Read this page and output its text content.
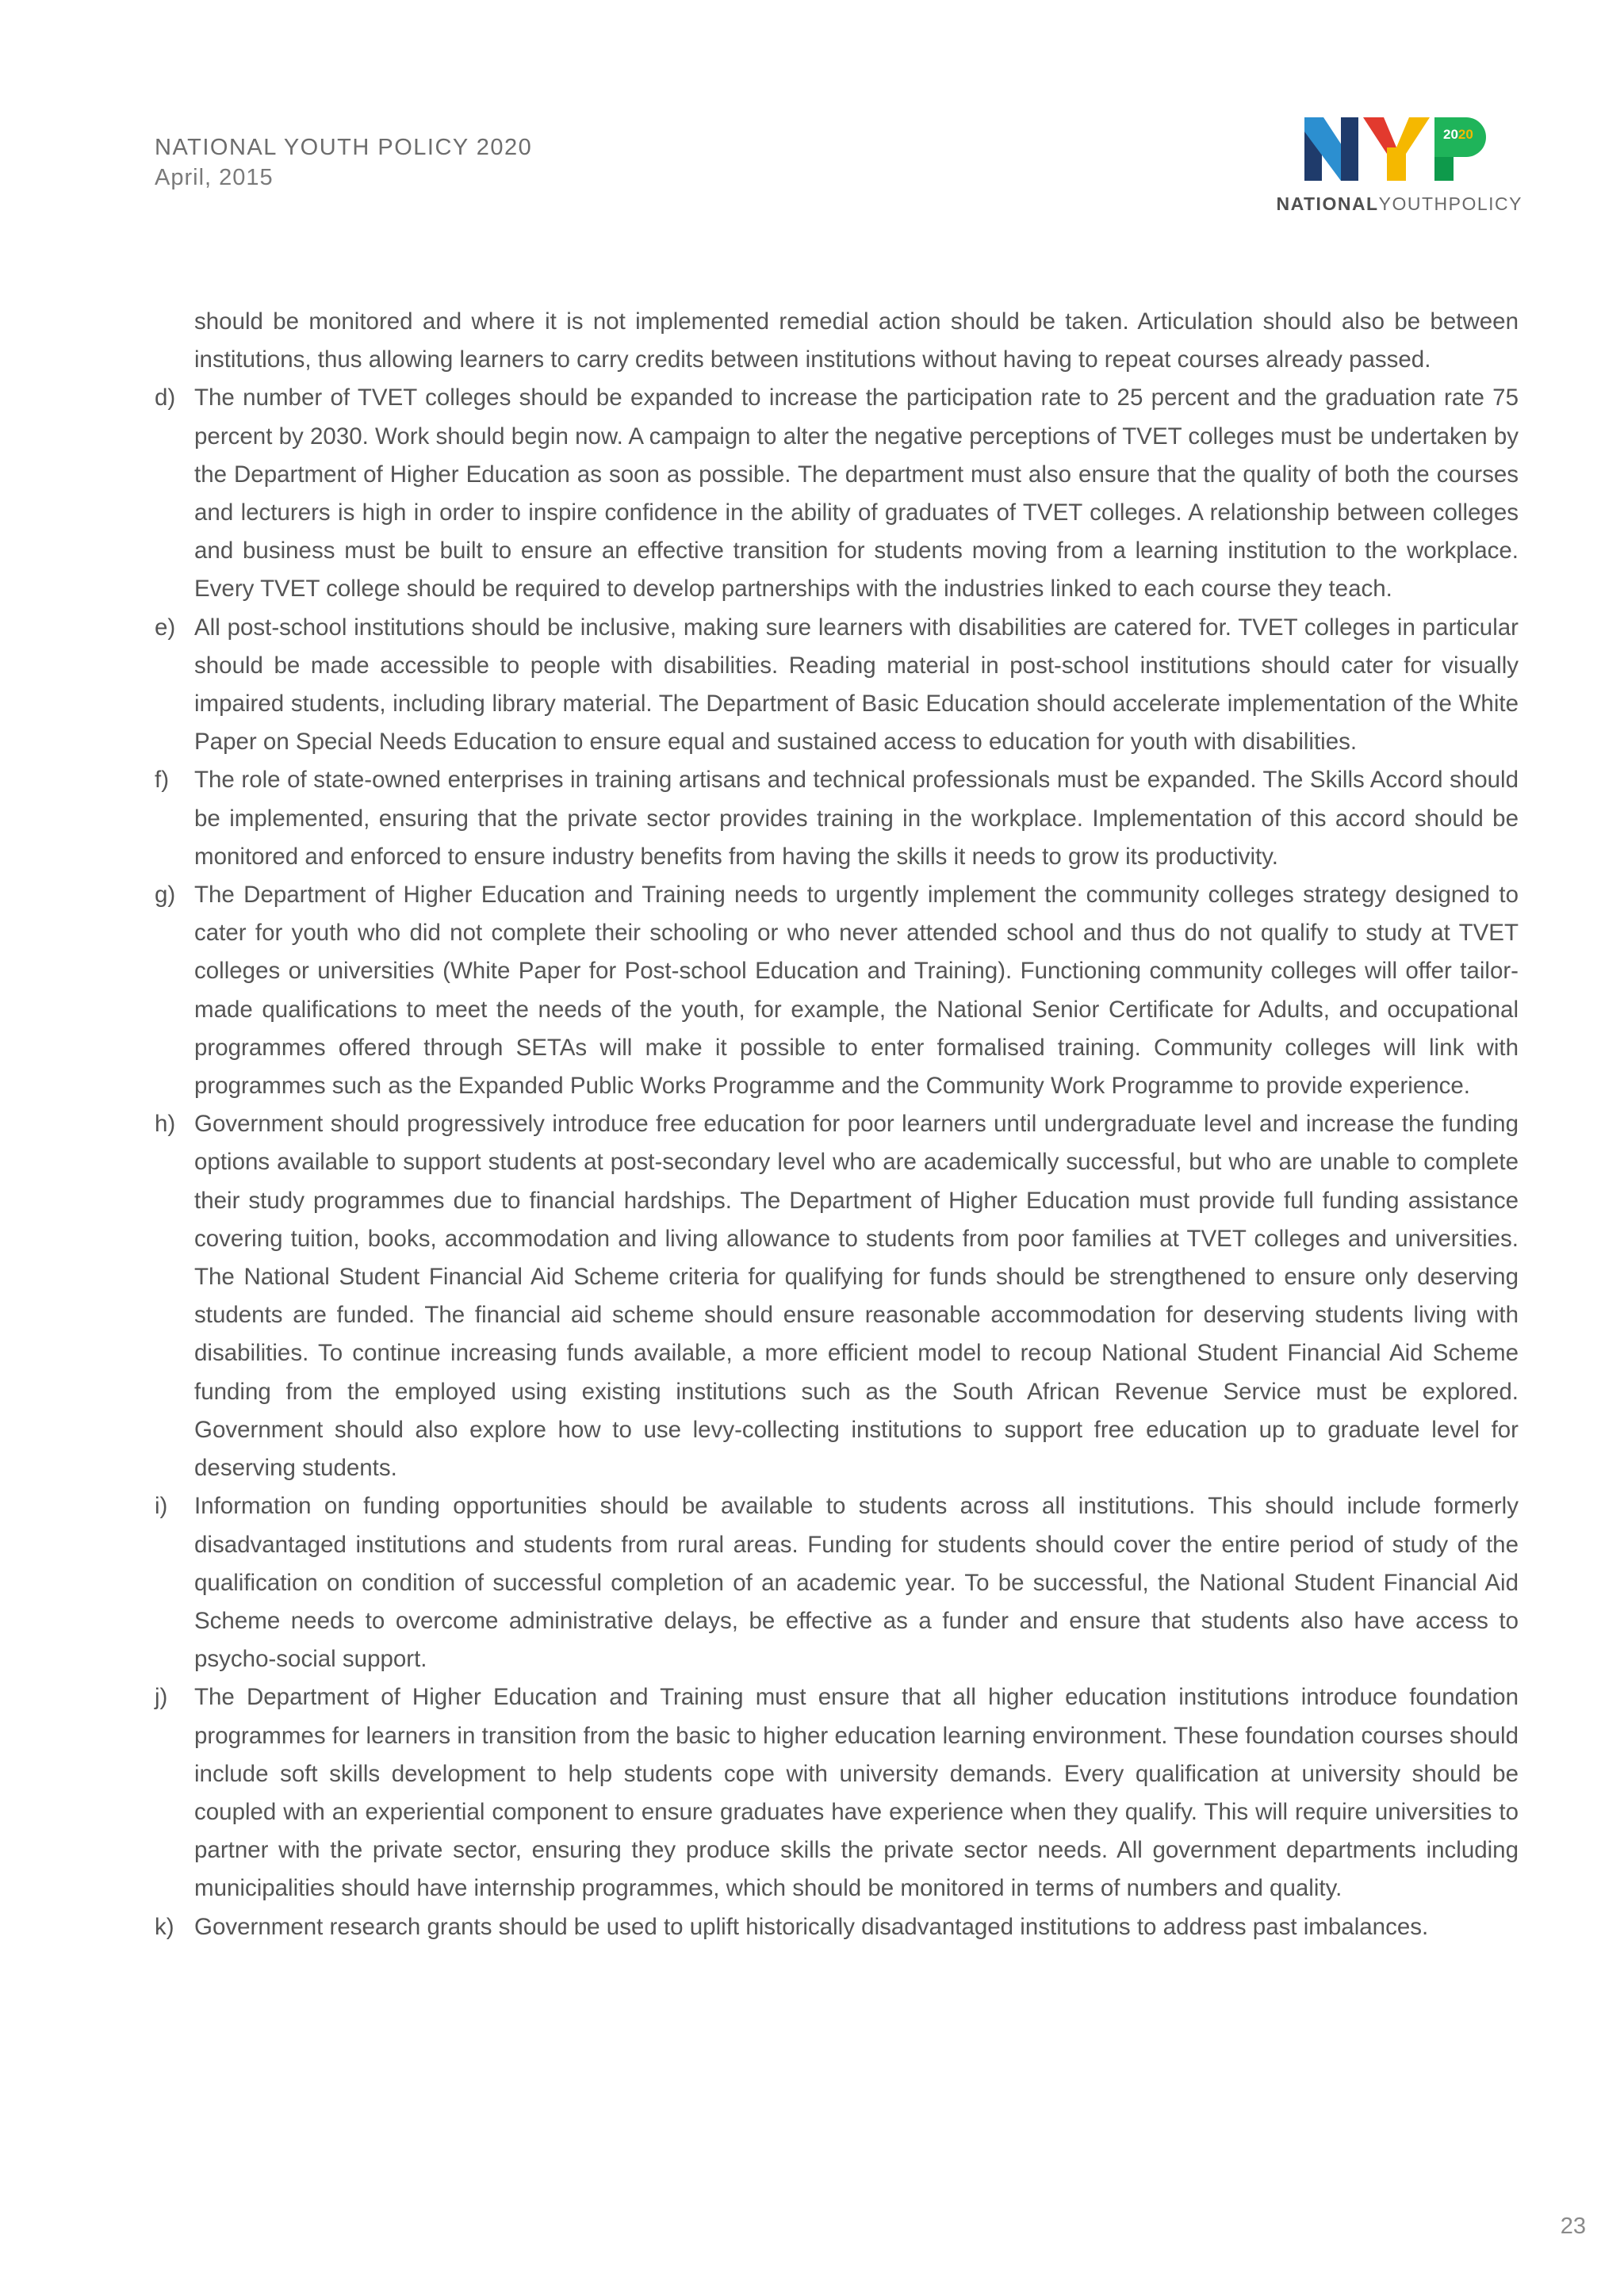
NATIONAL YOUTH POLICY 2020
April, 2015
2020
NATIONALYOUTHPOLICY
should be monitored and where it is not implemented remedial action should be taken. Articulation should also be between institutions, thus allowing learners to carry credits between institutions without having to repeat courses already passed.
d) The number of TVET colleges should be expanded to increase the participation rate to 25 percent and the graduation rate 75 percent by 2030. Work should begin now. A campaign to alter the negative perceptions of TVET colleges must be undertaken by the Department of Higher Education as soon as possible. The department must also ensure that the quality of both the courses and lecturers is high in order to inspire confidence in the ability of graduates of TVET colleges. A relationship between colleges and business must be built to ensure an effective transition for students moving from a learning institution to the workplace. Every TVET college should be required to develop partnerships with the industries linked to each course they teach.
e) All post-school institutions should be inclusive, making sure learners with disabilities are catered for. TVET colleges in particular should be made accessible to people with disabilities. Reading material in post-school institutions should cater for visually impaired students, including library material. The Department of Basic Education should accelerate implementation of the White Paper on Special Needs Education to ensure equal and sustained access to education for youth with disabilities.
f)	The role of state-owned enterprises in training artisans and technical professionals must be expanded. The Skills Accord should be implemented, ensuring that the private sector provides training in the workplace. Implementation of this accord should be monitored and enforced to ensure industry benefits from having the skills it needs to grow its productivity.
g) The Department of Higher Education and Training needs to urgently implement the community colleges strategy designed to cater for youth who did not complete their schooling or who never attended school and thus do not qualify to study at TVET colleges or universities (White Paper for Post-school Education and Training). Functioning community colleges will offer tailor-made qualifications to meet the needs of the youth, for example, the National Senior Certificate for Adults, and occupational programmes offered through SETAs will make it possible to enter formalised training. Community colleges will link with programmes such as the Expanded Public Works Programme and the Community Work Programme to provide experience.
h) Government should progressively introduce free education for poor learners until undergraduate level and increase the funding options available to support students at post-secondary level who are academically successful, but who are unable to complete their study programmes due to financial hardships. The Department of Higher Education must provide full funding assistance covering tuition, books, accommodation and living allowance to students from poor families at TVET colleges and universities. The National Student Financial Aid Scheme criteria for qualifying for funds should be strengthened to ensure only deserving students are funded. The financial aid scheme should ensure reasonable accommodation for deserving students living with disabilities. To continue increasing funds available, a more efficient model to recoup National Student Financial Aid Scheme funding from the employed using existing institutions such as the South African Revenue Service must be explored. Government should also explore how to use levy-collecting institutions to support free education up to graduate level for deserving students.
i)	Information on funding opportunities should be available to students across all institutions. This should include formerly disadvantaged institutions and students from rural areas. Funding for students should cover the entire period of study of the qualification on condition of successful completion of an academic year. To be successful, the National Student Financial Aid Scheme needs to overcome administrative delays, be effective as a funder and ensure that students also have access to psycho-social support.
j)	The Department of Higher Education and Training must ensure that all higher education institutions introduce foundation programmes for learners in transition from the basic to higher education learning environment. These foundation courses should include soft skills development to help students cope with university demands. Every qualification at university should be coupled with an experiential component to ensure graduates have experience when they qualify. This will require universities to partner with the private sector, ensuring they produce skills the private sector needs. All government departments including municipalities should have internship programmes, which should be monitored in terms of numbers and quality.
k) Government research grants should be used to uplift historically disadvantaged institutions to address past imbalances.
23
